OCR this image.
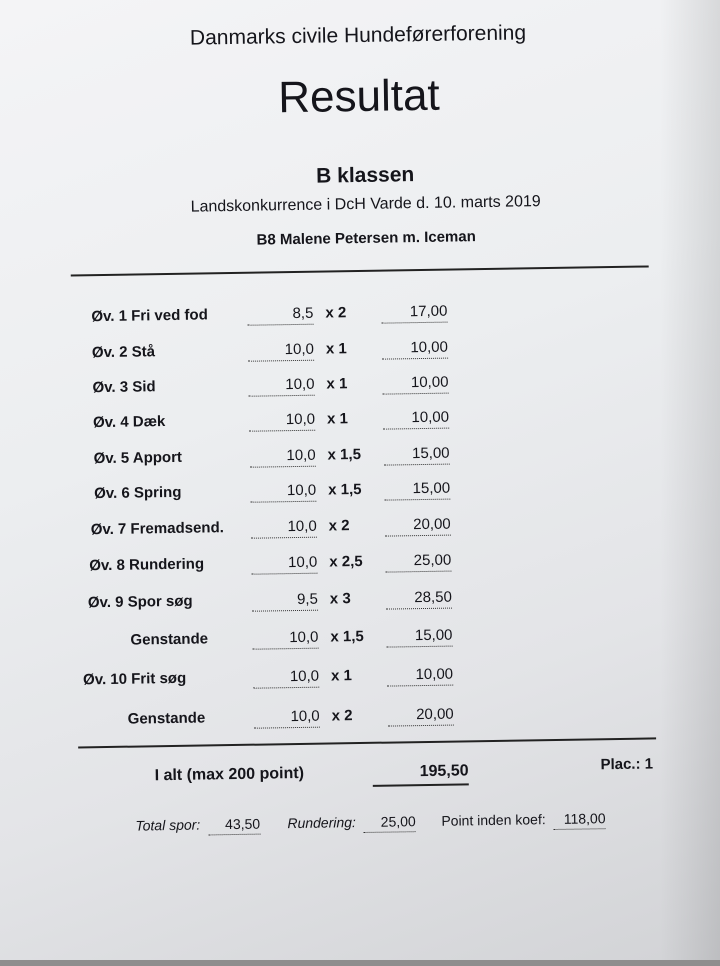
Danmarks civile Hundeførerforening
Resultat
B klassen
Landskonkurrence i DcH Varde d. 10. marts 2019
B8 Malene Petersen m. Iceman
Øv. 1 Fri ved fod	8,5 x 2	17,00
Øv. 2 Stå	10,0 x 1	10,00
Øv. 3 Sid	10,0 x 1	10,00
Øv. 4 Dæk	10,0 x 1	10,00
Øv. 5 Apport	10,0 x 1,5	15,00
Øv. 6 Spring	10,0 x 1,5	15,00
Øv. 7 Fremadsend.	10,0 x 2	20,00
Øv. 8 Rundering	10,0 x 2,5	25,00
Øv. 9 Spor søg	9,5 x 3	28,50
Genstande	10,0 x 1,5	15,00
Øv. 10 Frit søg	10,0 x 1	10,00
Genstande	10,0 x 2	20,00
I alt (max 200 point)	195,50	Plac.: 1
Total spor: 43,50 Rundering: 25,00 Point inden koef: 118,00
